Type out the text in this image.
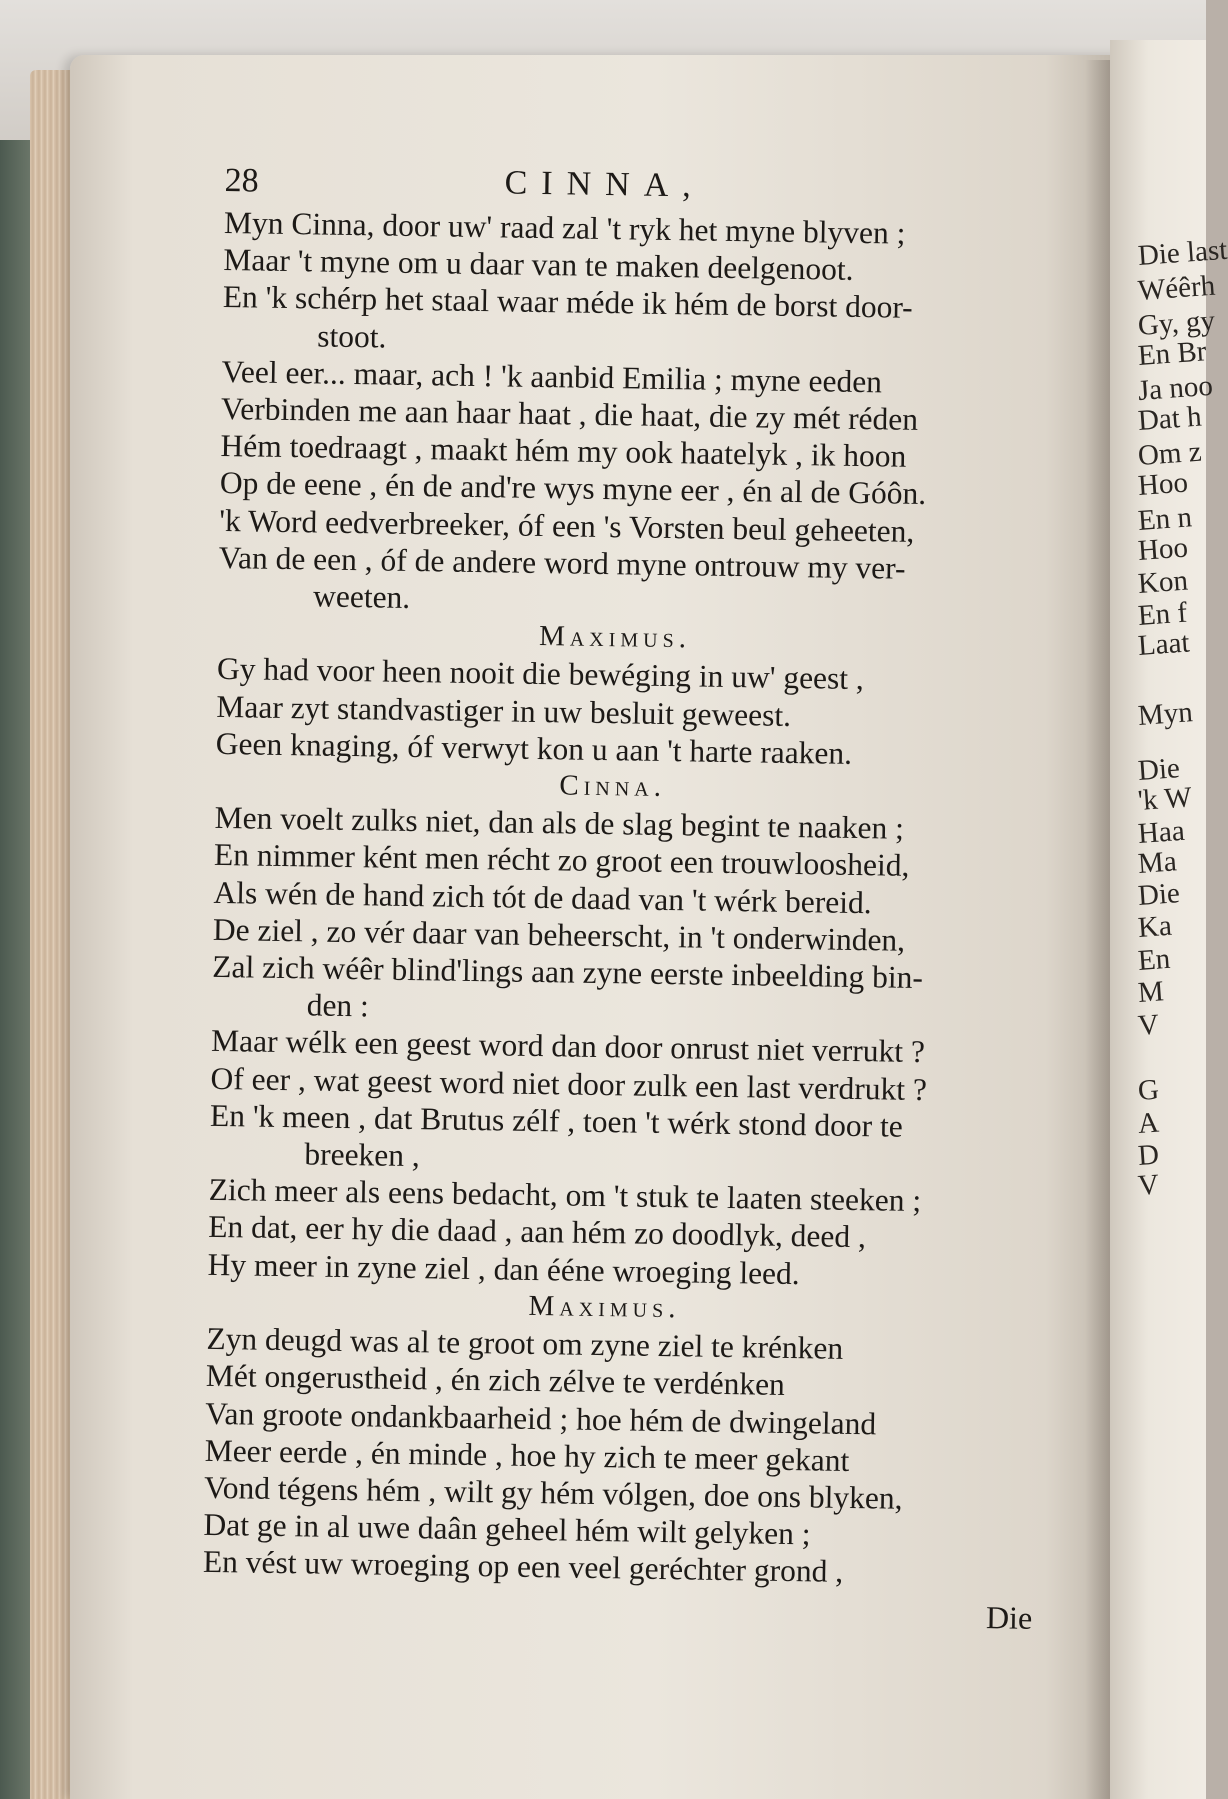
Die last
Wéêrh
Gy, gy
En Br
Ja noo
Dat h
Om z
Hoo
En n
Hoo
Kon
En f
Laat
Myn
Die
'k W
Haa
Ma
Die
Ka
En
M
V
G
A
D
V
28	CINNA,
Myn Cinna, door uw' raad zal 't ryk het myne blyven ;
Maar 't myne om u daar van te maken deelgenoot.
En 'k schérp het staal waar méde ik hém de borst door-
stoot.
Veel eer... maar, ach ! 'k aanbid Emilia ; myne eeden
Verbinden me aan haar haat , die haat, die zy mét réden
Hém toedraagt , maakt hém my ook haatelyk , ik hoon
Op de eene , én de and're wys myne eer , én al de Góôn.
'k Word eedverbreeker, óf een 's Vorsten beul geheeten,
Van de een , óf de andere word myne ontrouw my ver-
weeten.
Maximus.
Gy had voor heen nooit die bewéging in uw' geest ,
Maar zyt standvastiger in uw besluit geweest.
Geen knaging, óf verwyt kon u aan 't harte raaken.
Cinna.
Men voelt zulks niet, dan als de slag begint te naaken ;
En nimmer ként men récht zo groot een trouwloosheid,
Als wén de hand zich tót de daad van 't wérk bereid.
De ziel , zo vér daar van beheerscht, in 't onderwinden,
Zal zich wéêr blind'lings aan zyne eerste inbeelding bin-
den :
Maar wélk een geest word dan door onrust niet verrukt ?
Of eer , wat geest word niet door zulk een last verdrukt ?
En 'k meen , dat Brutus zélf , toen 't wérk stond door te
breeken ,
Zich meer als eens bedacht, om 't stuk te laaten steeken ;
En dat, eer hy die daad , aan hém zo doodlyk, deed ,
Hy meer in zyne ziel , dan ééne wroeging leed.
Maximus.
Zyn deugd was al te groot om zyne ziel te krénken
Mét ongerustheid , én zich zélve te verdénken
Van groote ondankbaarheid ; hoe hém de dwingeland
Meer eerde , én minde , hoe hy zich te meer gekant
Vond tégens hém , wilt gy hém vólgen, doe ons blyken,
Dat ge in al uwe daân geheel hém wilt gelyken ;
En vést uw wroeging op een veel geréchter grond ,
Die
